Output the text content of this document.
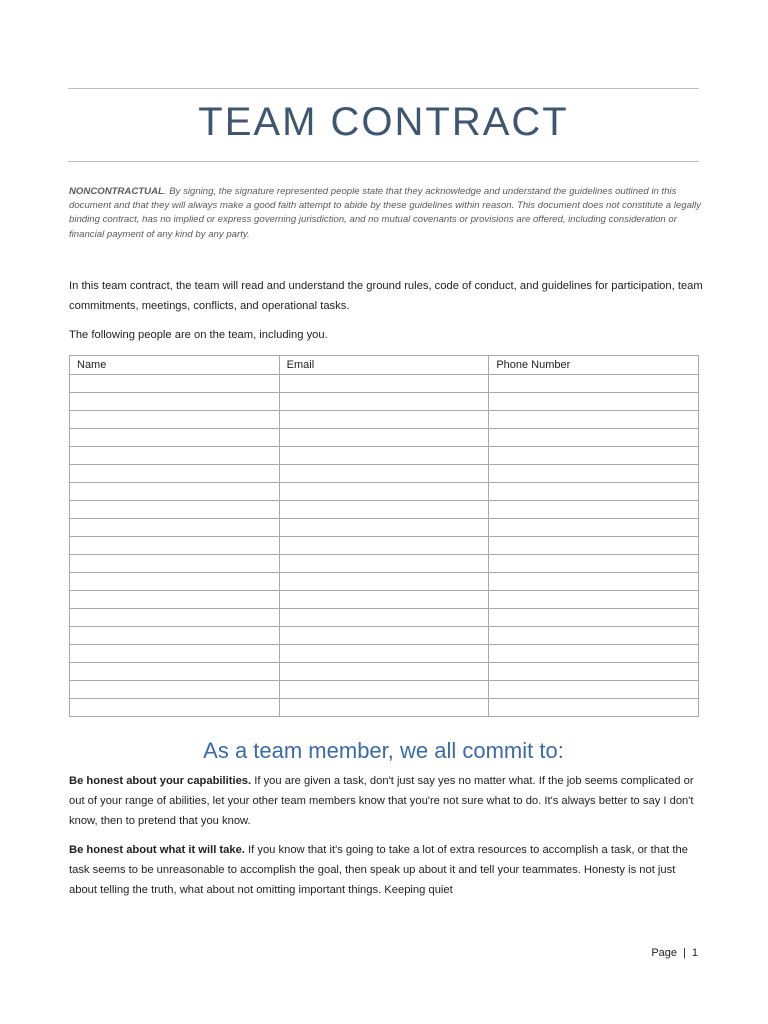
TEAM CONTRACT

NONCONTRACTUAL. By signing, the signature represented people state that they acknowledge and understand the guidelines outlined in this document and that they will always make a good faith attempt to abide by these guidelines within reason. This document does not constitute a legally binding contract, has no implied or express governing jurisdiction, and no mutual covenants or provisions are offered, including consideration or financial payment of any kind by any party.

In this team contract, the team will read and understand the ground rules, code of conduct, and guidelines for participation, team commitments, meetings, conflicts, and operational tasks.

The following people are on the team, including you.

Name	Email	Phone Number

As a team member, we all commit to:

Be honest about your capabilities. If you are given a task, don't just say yes no matter what. If the job seems complicated or out of your range of abilities, let your other team members know that you're not sure what to do. It's always better to say I don't know, then to pretend that you know.

Be honest about what it will take. If you know that it's going to take a lot of extra resources to accomplish a task, or that the task seems to be unreasonable to accomplish the goal, then speak up about it and tell your teammates. Honesty is not just about telling the truth, what about not omitting important things. Keeping quiet

Page | 1
